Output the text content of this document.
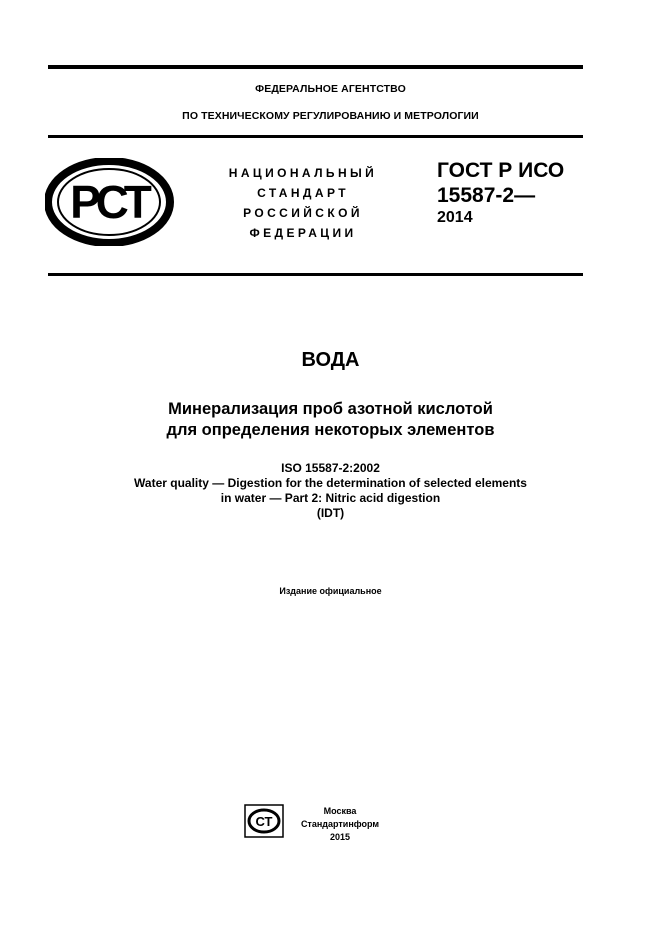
ФЕДЕРАЛЬНОЕ АГЕНТСТВО
ПО ТЕХНИЧЕСКОМУ РЕГУЛИРОВАНИЮ И МЕТРОЛОГИИ
РСТ
НАЦИОНАЛЬНЫЙ
СТАНДАРТ
РОССИЙСКОЙ
ФЕДЕРАЦИИ
ГОСТ Р ИСО
15587-2—
2014
ВОДА
Минерализация проб азотной кислотой
для определения некоторых элементов
ISO 15587-2:2002
Water quality — Digestion for the determination of selected elements
in water — Part 2: Nitric acid digestion
(IDT)
Издание официальное
СТ
Москва
Стандартинформ
2015
